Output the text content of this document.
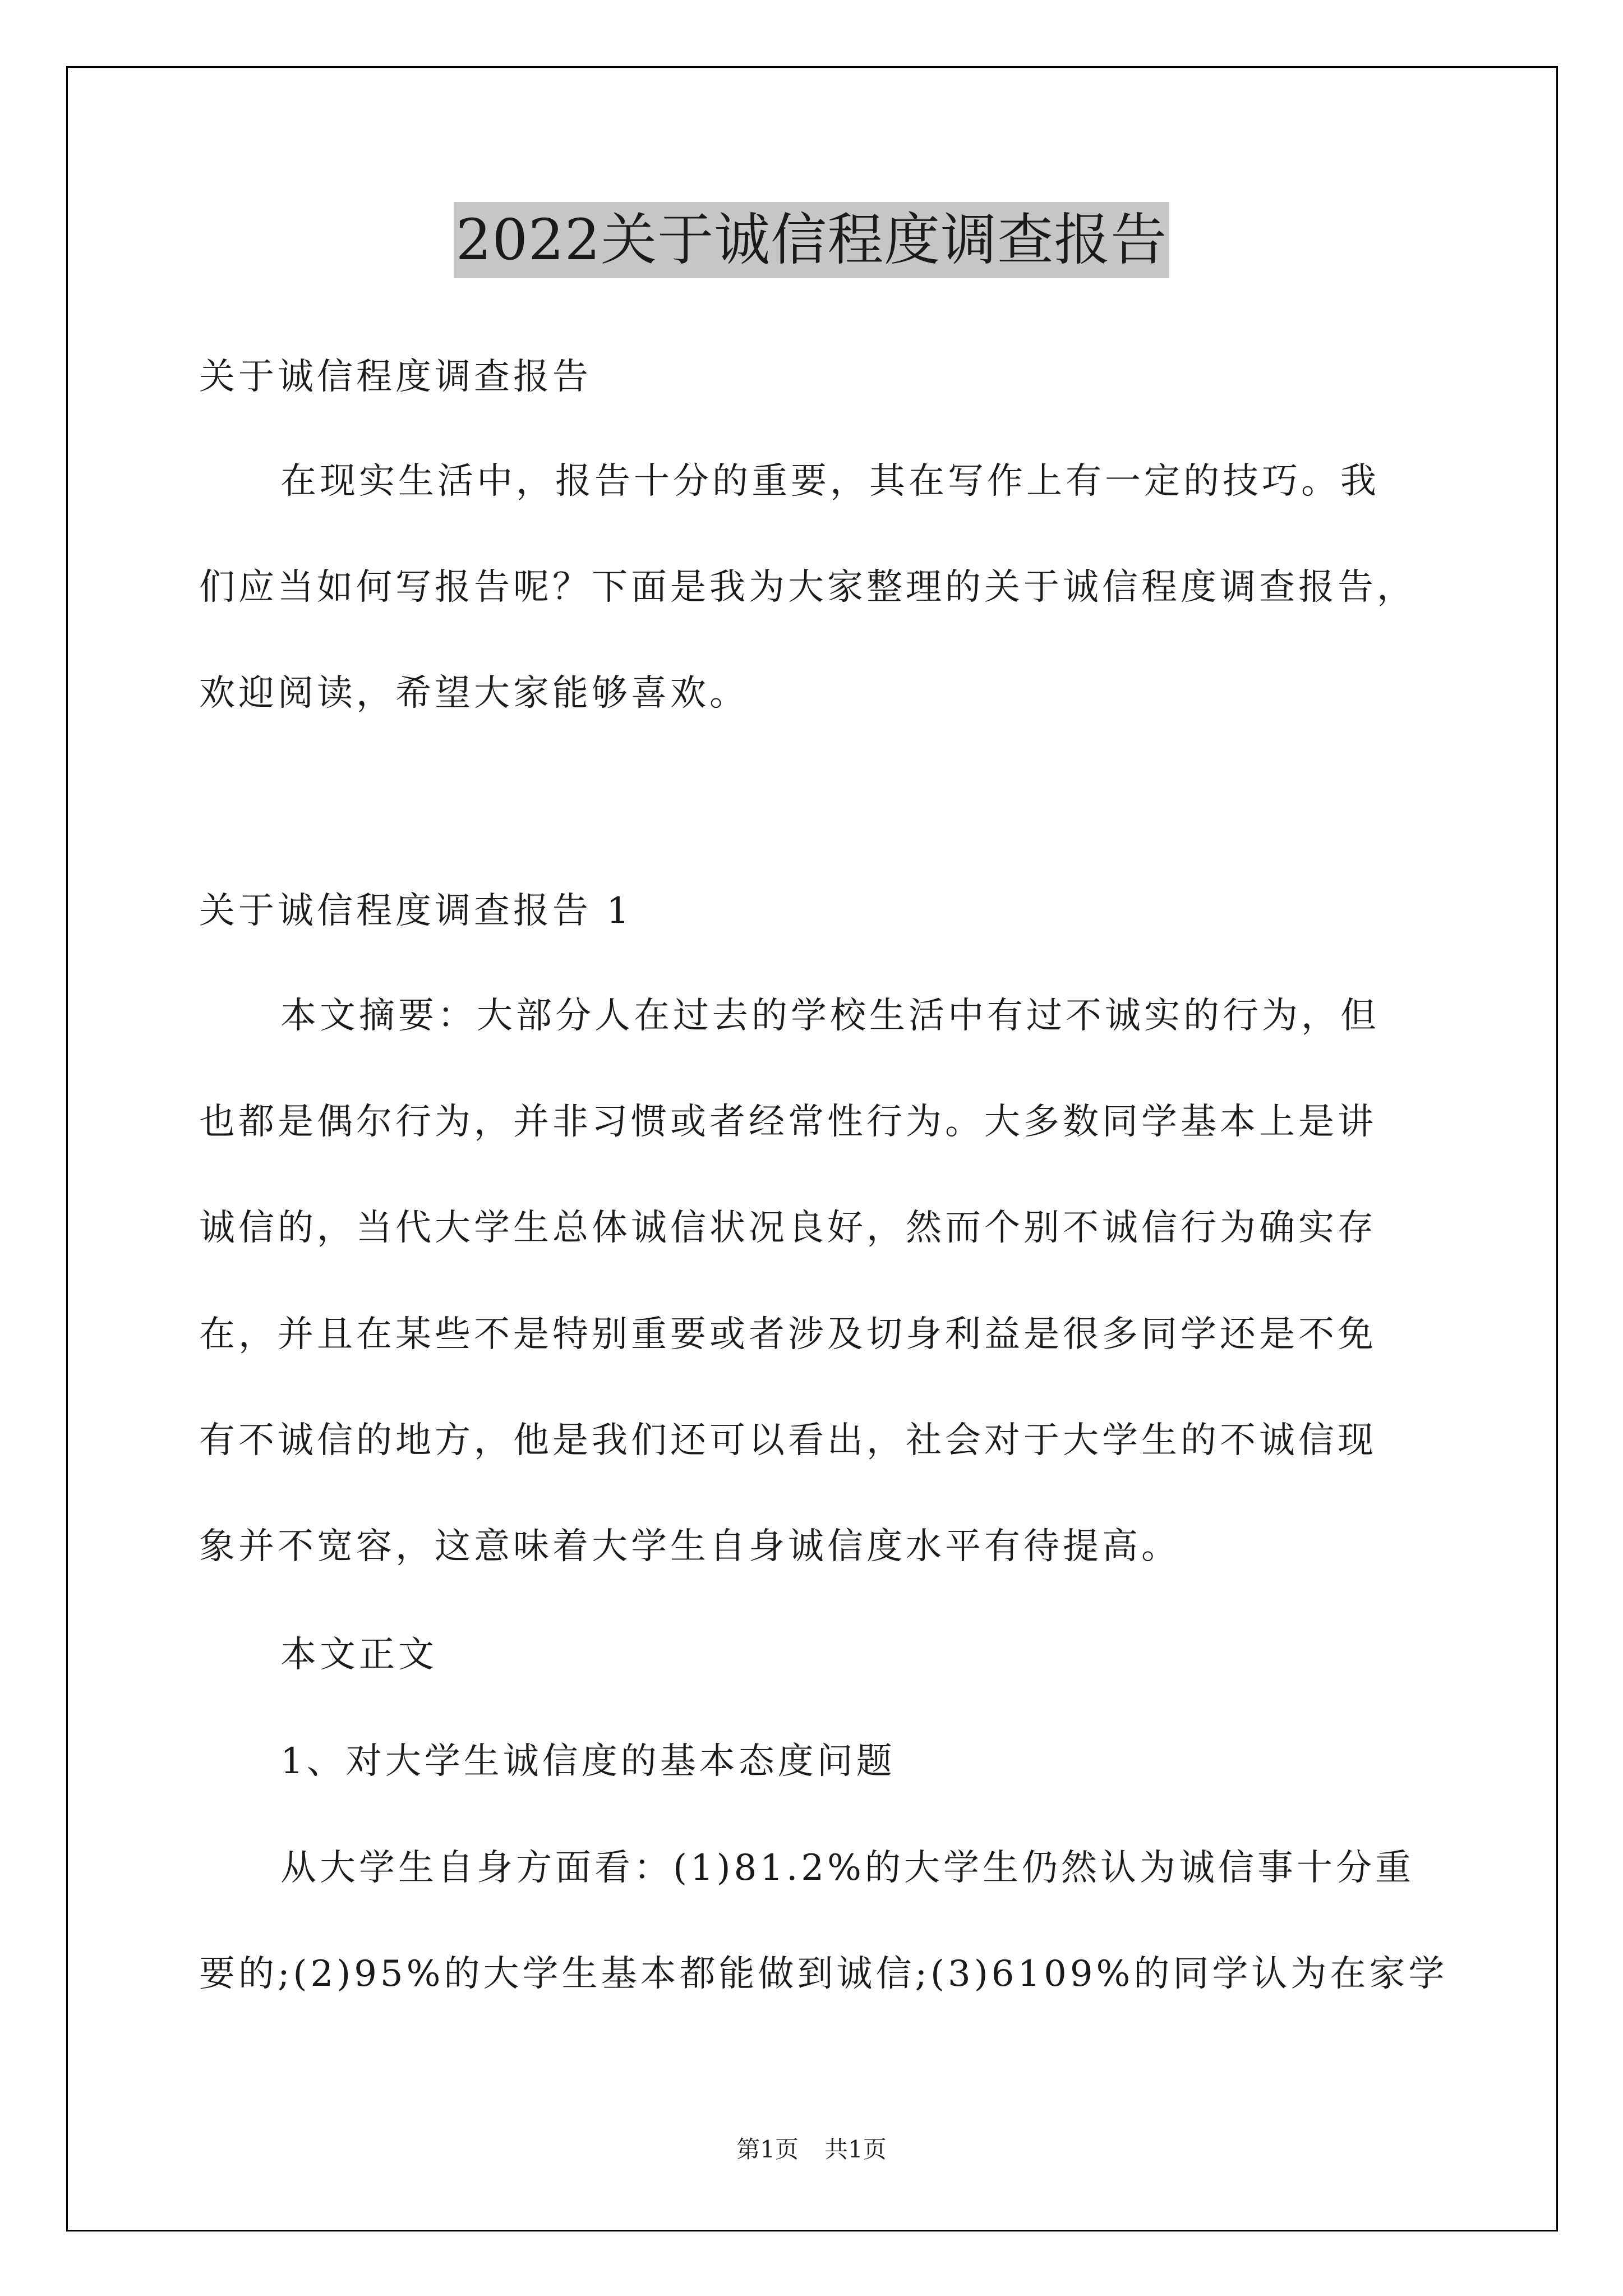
2022关于诚信程度调查报告
关于诚信程度调查报告
在现实生活中，报告十分的重要，其在写作上有一定的技巧。我
们应当如何写报告呢？下面是我为大家整理的关于诚信程度调查报告，
欢迎阅读，希望大家能够喜欢。
关于诚信程度调查报告 1
本文摘要：大部分人在过去的学校生活中有过不诚实的行为，但
也都是偶尔行为，并非习惯或者经常性行为。大多数同学基本上是讲
诚信的，当代大学生总体诚信状况良好，然而个别不诚信行为确实存
在，并且在某些不是特别重要或者涉及切身利益是很多同学还是不免
有不诚信的地方，他是我们还可以看出，社会对于大学生的不诚信现
象并不宽容，这意味着大学生自身诚信度水平有待提高。
本文正文
1、对大学生诚信度的基本态度问题
从大学生自身方面看：(1)81.2%的大学生仍然认为诚信事十分重
要的;(2)95%的大学生基本都能做到诚信;(3)6109%的同学认为在家学
第1页 共1页
